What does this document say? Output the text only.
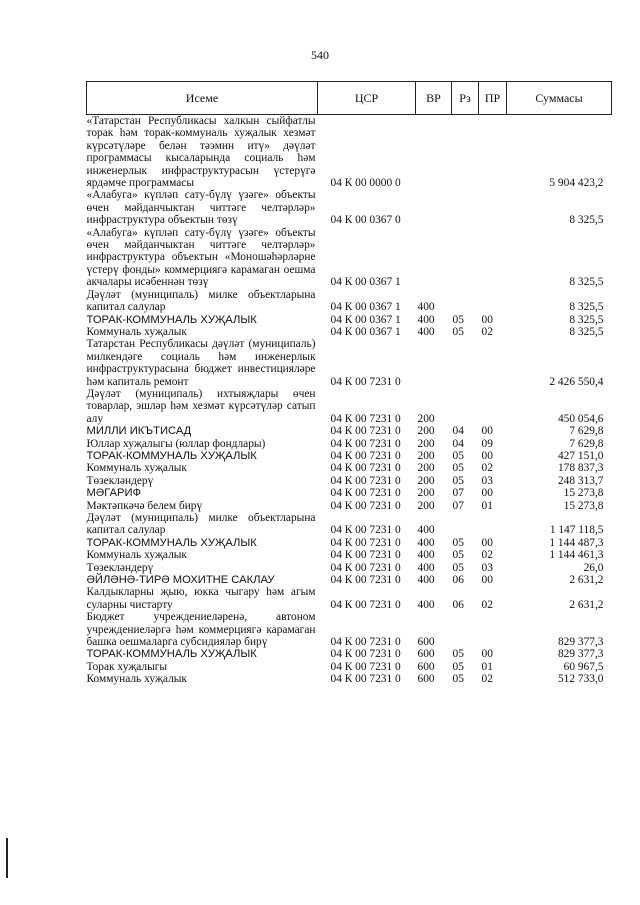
540
Исеме	ЦСР	ВР	Рз	ПР	Суммасы
«Татарстан Республикасы халкын сыйфатлы торак һәм торак-коммуналь хуҗалык хезмәт күрсәтүләре белән тәэмин итү» дәүләт программасы кысаларында социаль һәм инженерлык инфраструктурасын үстерүгә ярдәмче программасы	04 К 00 0000 0				5 904 423,2
«Алабуга» күпләп сату-бүлү үзәге» объекты өчен мәйданчыктан читтәге челтәрләр» инфраструктура объектын төзү	04 К 00 0367 0				8 325,5
«Алабуга» күпләп сату-бүлү үзәге» объекты өчен мәйданчыктан читтәге челтәрләр» инфраструктура объектын «Моношәһәрләрне үстерү фонды» коммерциягә карамаган оешма акчалары исәбеннән төзү	04 К 00 0367 1				8 325,5
Дәүләт (муниципаль) милке объектларына капитал салулар	04 К 00 0367 1	400			8 325,5
ТОРАК-КОММУНАЛЬ ХУҖАЛЫК	04 К 00 0367 1	400	05	00	8 325,5
Коммуналь хуҗалык	04 К 00 0367 1	400	05	02	8 325,5
Татарстан Республикасы дәүләт (муниципаль) милкендәге социаль һәм инженерлык инфраструктурасына бюджет инвестицияләре һәм капиталь ремонт	04 К 00 7231 0				2 426 550,4
Дәүләт (муниципаль) ихтыяҗлары өчен товарлар, эшләр һәм хезмәт күрсәтүләр сатып алу	04 К 00 7231 0	200			450 054,6
МИЛЛИ ИКЪТИСАД	04 К 00 7231 0	200	04	00	7 629,8
Юллар хуҗалыгы (юллар фондлары)	04 К 00 7231 0	200	04	09	7 629,8
ТОРАК-КОММУНАЛЬ ХУҖАЛЫК	04 К 00 7231 0	200	05	00	427 151,0
Коммуналь хуҗалык	04 К 00 7231 0	200	05	02	178 837,3
Төзекләндерү	04 К 00 7231 0	200	05	03	248 313,7
МӘГАРИФ	04 К 00 7231 0	200	07	00	15 273,8
Мәктәпкәчә белем бирү	04 К 00 7231 0	200	07	01	15 273,8
Дәүләт (муниципаль) милке объектларына капитал салулар	04 К 00 7231 0	400			1 147 118,5
ТОРАК-КОММУНАЛЬ ХУҖАЛЫК	04 К 00 7231 0	400	05	00	1 144 487,3
Коммуналь хуҗалык	04 К 00 7231 0	400	05	02	1 144 461,3
Төзекләндерү	04 К 00 7231 0	400	05	03	26,0
ӘЙЛӘНӘ-ТИРӘ МОХИТНЕ САКЛАУ	04 К 00 7231 0	400	06	00	2 631,2
Калдыкларны җыю, юкка чыгару һәм агым суларны чистарту	04 К 00 7231 0	400	06	02	2 631,2
Бюджет учреждениеләренә, автоном учреждениеләргә һәм коммерциягә карамаган башка оешмаларга субсидияләр бирү	04 К 00 7231 0	600			829 377,3
ТОРАК-КОММУНАЛЬ ХУҖАЛЫК	04 К 00 7231 0	600	05	00	829 377,3
Торак хуҗалыгы	04 К 00 7231 0	600	05	01	60 967,5
Коммуналь хуҗалык	04 К 00 7231 0	600	05	02	512 733,0
